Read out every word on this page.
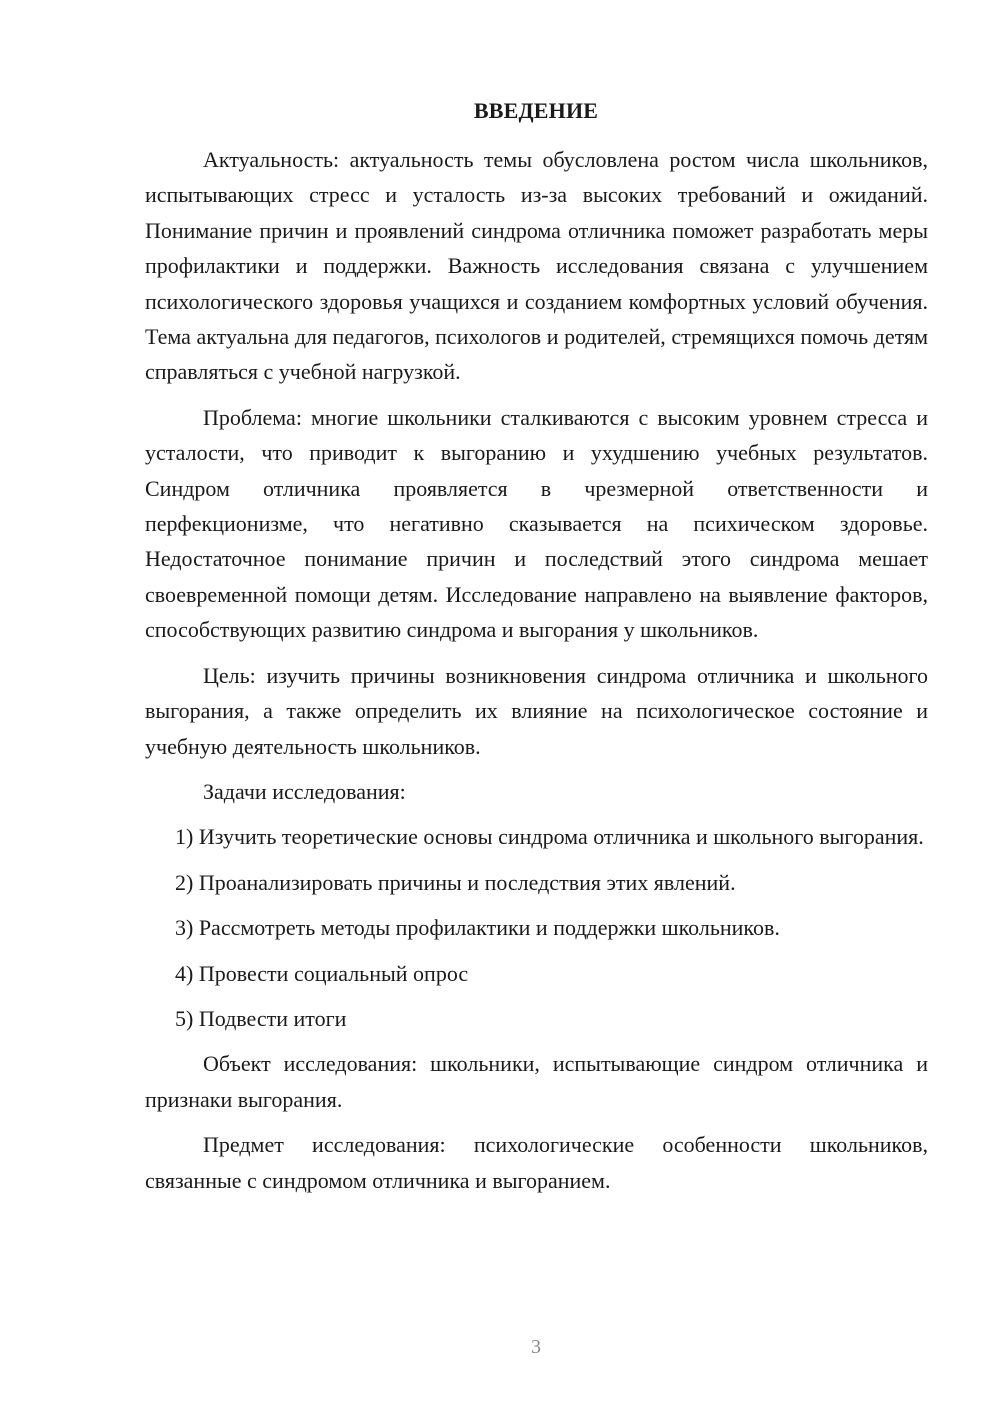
ВВЕДЕНИЕ

Актуальность: актуальность темы обусловлена ростом числа школьников, испытывающих стресс и усталость из-за высоких требований и ожиданий. Понимание причин и проявлений синдрома отличника поможет разработать меры профилактики и поддержки. Важность исследования связана с улучшением психологического здоровья учащихся и созданием комфортных условий обучения. Тема актуальна для педагогов, психологов и родителей, стремящихся помочь детям справляться с учебной нагрузкой.

Проблема: многие школьники сталкиваются с высоким уровнем стресса и усталости, что приводит к выгоранию и ухудшению учебных результатов. Синдром отличника проявляется в чрезмерной ответственности и перфекционизме, что негативно сказывается на психическом здоровье. Недостаточное понимание причин и последствий этого синдрома мешает своевременной помощи детям. Исследование направлено на выявление факторов, способствующих развитию синдрома и выгорания у школьников.

Цель: изучить причины возникновения синдрома отличника и школьного выгорания, а также определить их влияние на психологическое состояние и учебную деятельность школьников.

Задачи исследования:

1) Изучить теоретические основы синдрома отличника и школьного выгорания.

2) Проанализировать причины и последствия этих явлений.

3) Рассмотреть методы профилактики и поддержки школьников.

4) Провести социальный опрос

5) Подвести итоги

Объект исследования: школьники, испытывающие синдром отличника и признаки выгорания.

Предмет исследования: психологические особенности школьников, связанные с синдромом отличника и выгоранием.

3
